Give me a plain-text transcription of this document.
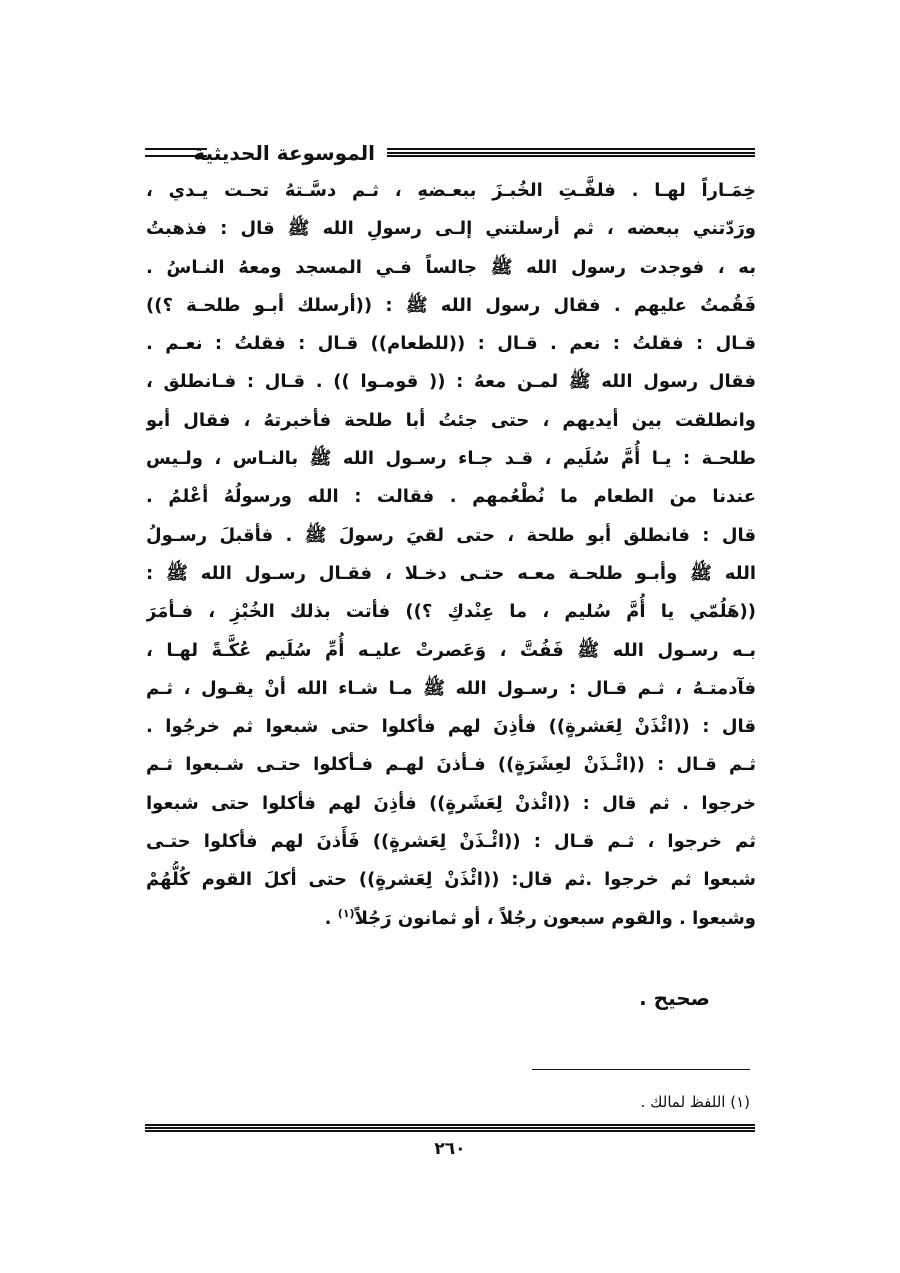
الموسوعة الحديثية
خِمَـاراً لهـا . فلفَّـتِ الخُبـزَ ببعـضهِ ، ثـم دسَّـتهُ تحـت يـدي ،
ورَدّتني ببعضه ، ثم أرسلتني إلـى رسولِ الله ﷺ قال : فذهبتُ
به ، فوجدت رسول الله ﷺ جالساً فـي المسجد ومعهُ النـاسُ .
فَقُمتُ عليهم . فقال رسول الله ﷺ : ((أرسلك أبـو طلحـة ؟))
قـال : فقلتُ : نعم . قـال : ((للطعام)) قـال : فقلتُ : نعـم .
فقال رسول الله ﷺ لمـن معهُ : (( قومـوا )) . قـال : فـانطلق ،
وانطلقت بين أيديهم ، حتى جئتُ أبا طلحة فأخبرتهُ ، فقال أبو
طلحـة : يـا أُمَّ سُلَيم ، قـد جـاء رسـول الله ﷺ بالنـاس ، ولـيس
عندنا من الطعام ما نُطْعُمهم . فقالت : الله ورسولُهُ أعْلمُ .
قال : فانطلق أبو طلحة ، حتى لقيَ رسولَ ﷺ . فأقبلَ رسـولُ
الله ﷺ وأبـو طلحـة معـه حتـى دخـلا ، فقـال رسـول الله ﷺ :
((هَلُمّي يا أُمَّ سُليم ، ما عِنْدكِ ؟)) فأتت بذلك الخُبْزِ ، فـأمَرَ
بـه رسـول الله ﷺ فَفُتَّ ، وَعَصرتْ عليـه أُمِّ سُلَيم عُكَّـةً لهـا ،
فآدمتـهُ ، ثـم قـال : رسـول الله ﷺ مـا شـاء الله أنْ يقـول ، ثـم
قال : ((ائْذَنْ لِعَشرةٍ)) فأذِنَ لهم فأكلوا حتى شبعوا ثم خرجُوا .
ثـم قـال : ((ائْـذَنْ لعِشَرَةٍ)) فـأذنَ لهـم فـأكلوا حتـى شـبعوا ثـم
خرجوا . ثم قال : ((ائْذنْ لِعَشَرةٍ)) فأذِنَ لهم فأكلوا حتى شبعوا
ثم خرجوا ، ثـم قـال : ((ائْـذَنْ لِعَشرةٍ)) فَأَذنَ لهم فأكلوا حتـى
شبعوا ثم خرجوا .ثم قال: ((ائْذَنْ لِعَشرةٍ)) حتى أكلَ القوم كُلُّهُمْ
وشبعوا . والقوم سبعون رجُلاً ، أو ثمانون رَجُلاً$^{(١)}$ .
صحيح .
(١) اللفظ لمالك .
٢٦٠
